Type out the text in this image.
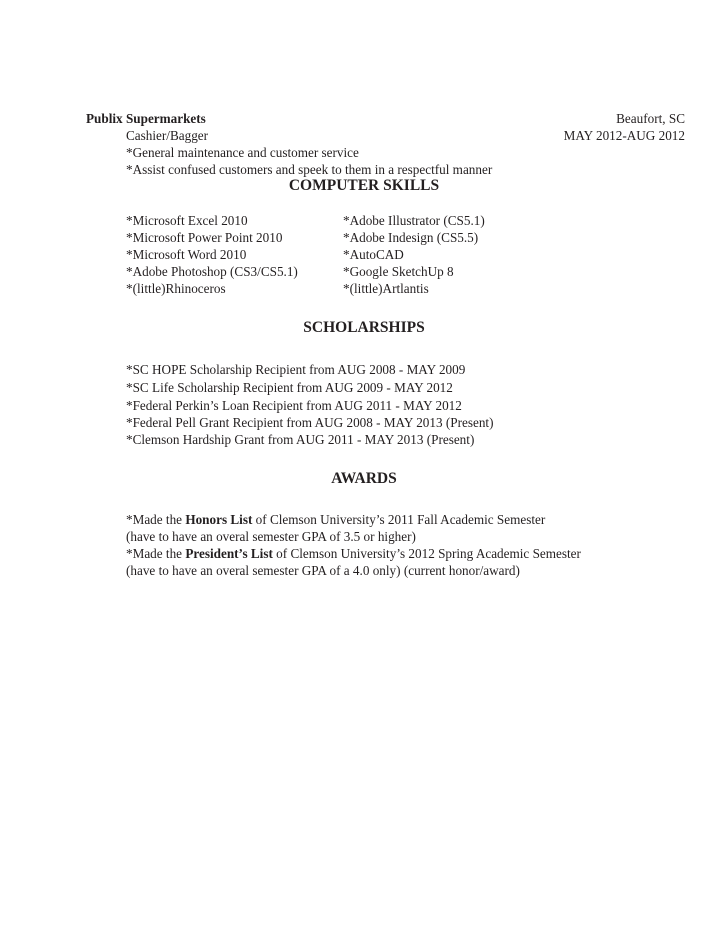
Publix Supermarkets	Beaufort, SC
Cashier/Bagger	MAY 2012-AUG 2012
*General maintenance and customer service
*Assist confused customers and speek to them in a respectful manner
COMPUTER SKILLS
*Microsoft Excel 2010
*Microsoft Power Point 2010
*Microsoft Word 2010
*Adobe Photoshop (CS3/CS5.1)
*(little)Rhinoceros
*Adobe Illustrator (CS5.1)
*Adobe Indesign (CS5.5)
*AutoCAD
*Google SketchUp 8
*(little)Artlantis
SCHOLARSHIPS
*SC HOPE Scholarship Recipient from AUG 2008 - MAY 2009
*SC Life Scholarship Recipient from AUG 2009 - MAY 2012
*Federal Perkin’s Loan Recipient from AUG 2011 - MAY 2012
*Federal Pell Grant Recipient from AUG 2008 - MAY 2013 (Present)
*Clemson Hardship Grant from AUG 2011 - MAY 2013 (Present)
AWARDS
*Made the Honors List of Clemson University’s 2011 Fall Academic Semester
(have to have an overal semester GPA of 3.5 or higher)
*Made the President’s List of Clemson University’s 2012 Spring Academic Semester
(have to have an overal semester GPA of a 4.0 only) (current honor/award)
